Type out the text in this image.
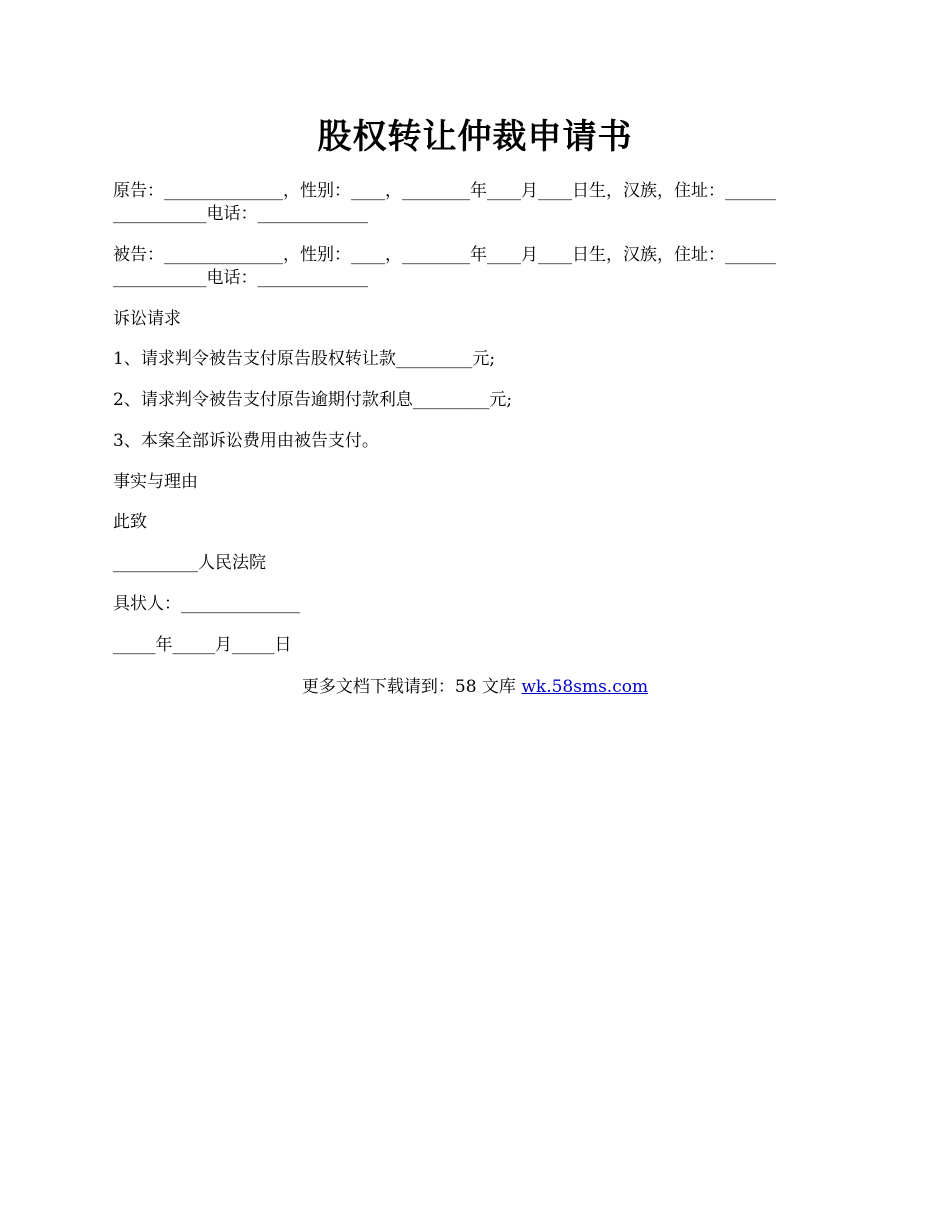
股权转让仲裁申请书
原告：______________，性别：____，________年____月____日生，汉族，住址：______
___________电话：_____________
被告：______________，性别：____，________年____月____日生，汉族，住址：______
___________电话：_____________
诉讼请求
1、请求判令被告支付原告股权转让款_________元;
2、请求判令被告支付原告逾期付款利息_________元;
3、本案全部诉讼费用由被告支付。
事实与理由
此致
__________人民法院
具状人：______________
_____年_____月_____日
更多文档下载请到：58 文库 wk.58sms.com
